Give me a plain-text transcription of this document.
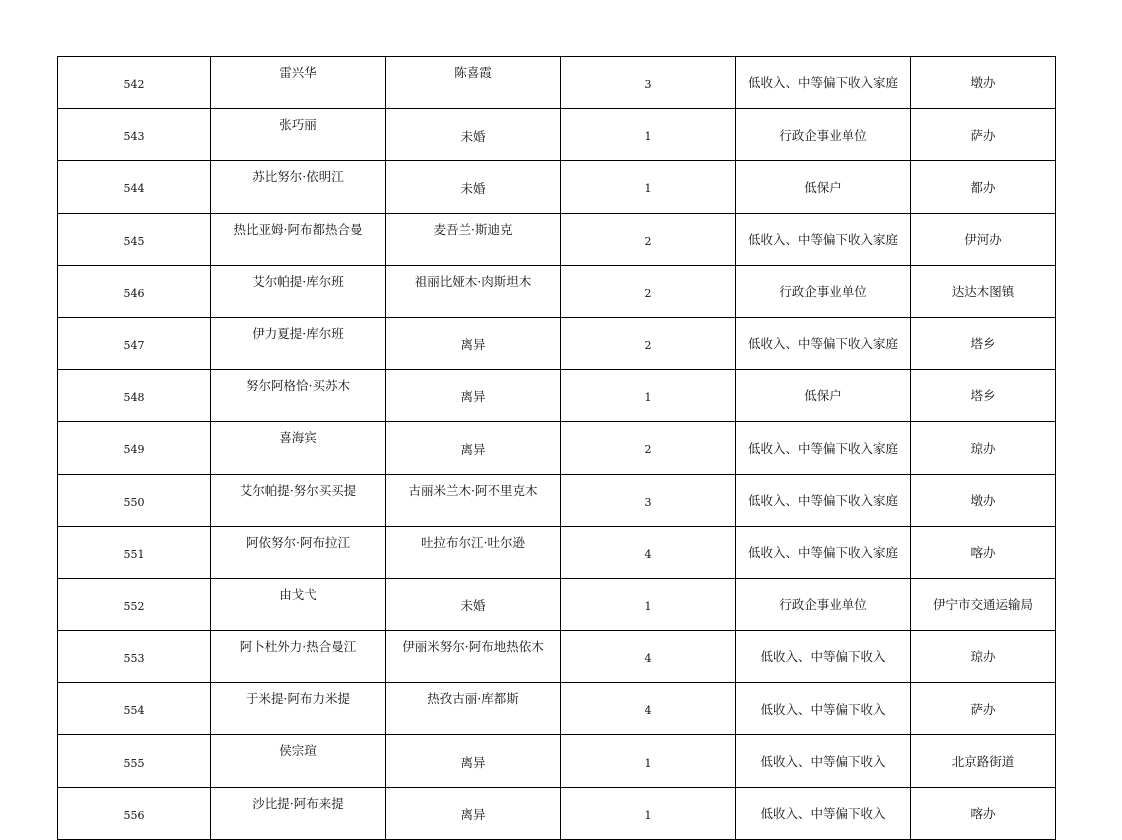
542	雷兴华	陈喜霞	3	低收入、中等偏下收入家庭	墩办
543	张巧丽	未婚	1	行政企事业单位	萨办
544	苏比努尔·依明江	未婚	1	低保户	都办
545	热比亚姆·阿布都热合曼	麦吾兰·斯迪克	2	低收入、中等偏下收入家庭	伊河办
546	艾尔帕提·库尔班	祖丽比娅木·肉斯坦木	2	行政企事业单位	达达木图镇
547	伊力夏提·库尔班	离异	2	低收入、中等偏下收入家庭	塔乡
548	努尔阿格恰·买苏木	离异	1	低保户	塔乡
549	喜海宾	离异	2	低收入、中等偏下收入家庭	琼办
550	艾尔帕提·努尔买买提	古丽米兰木·阿不里克木	3	低收入、中等偏下收入家庭	墩办
551	阿依努尔·阿布拉江	吐拉布尔江·吐尔逊	4	低收入、中等偏下收入家庭	喀办
552	由戈弋	未婚	1	行政企事业单位	伊宁市交通运输局
553	阿卜杜外力·热合曼江	伊丽米努尔·阿布地热依木	4	低收入、中等偏下收入	琼办
554	于米提·阿布力米提	热孜古丽·库都斯	4	低收入、中等偏下收入	萨办
555	侯宗瑄	离异	1	低收入、中等偏下收入	北京路街道
556	沙比提·阿布来提	离异	1	低收入、中等偏下收入	喀办
